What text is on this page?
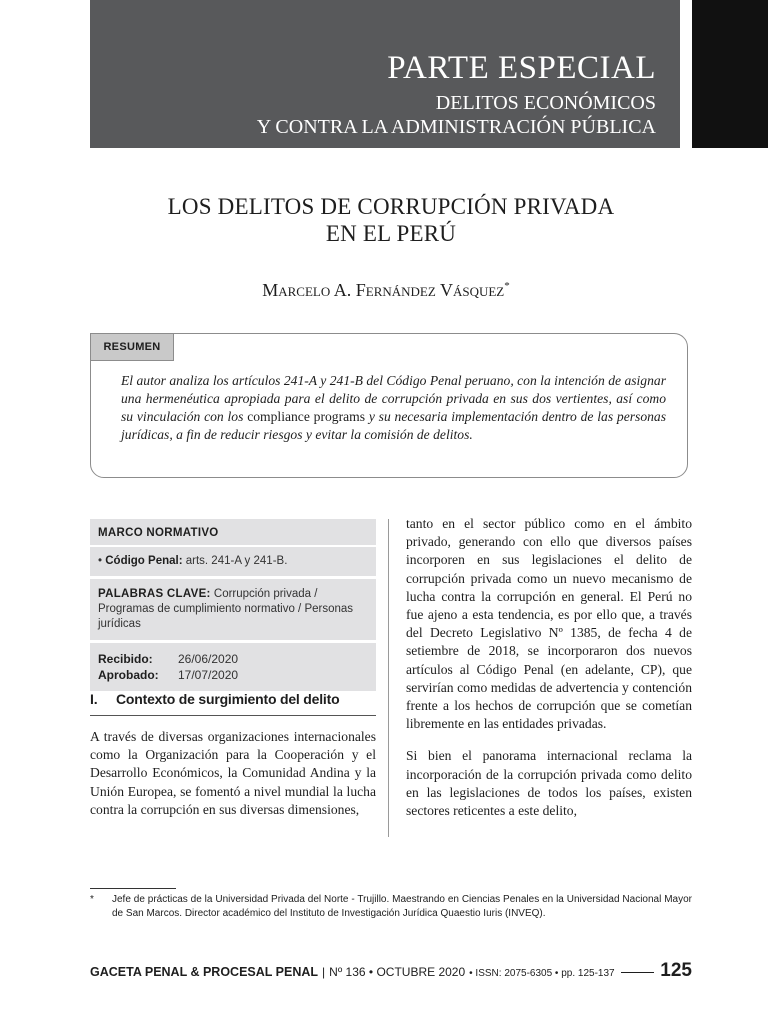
PARTE ESPECIAL
DELITOS ECONÓMICOS
Y CONTRA LA ADMINISTRACIÓN PÚBLICA
LOS DELITOS DE CORRUPCIÓN PRIVADA
EN EL PERÚ
Marcelo A. Fernández Vásquez*
RESUMEN
El autor analiza los artículos 241-A y 241-B del Código Penal peruano, con la intención de asignar una hermenéutica apropiada para el delito de corrupción privada en sus dos vertientes, así como su vinculación con los compliance programs y su necesaria implementación dentro de las personas jurídicas, a fin de reducir riesgos y evitar la comisión de delitos.
MARCO NORMATIVO
• Código Penal: arts. 241-A y 241-B.
PALABRAS CLAVE: Corrupción privada / Programas de cumplimiento normativo / Personas jurídicas
Recibido:	26/06/2020
Aprobado:	17/07/2020
I. Contexto de surgimiento del delito

A través de diversas organizaciones internacionales como la Organización para la Cooperación y el Desarrollo Económicos, la Comunidad Andina y la Unión Europea, se fomentó a nivel mundial la lucha contra la corrupción en sus diversas dimensiones,

tanto en el sector público como en el ámbito privado, generando con ello que diversos países incorporen en sus legislaciones el delito de corrupción privada como un nuevo mecanismo de lucha contra la corrupción en general. El Perú no fue ajeno a esta tendencia, es por ello que, a través del Decreto Legislativo Nº 1385, de fecha 4 de setiembre de 2018, se incorporaron dos nuevos artículos al Código Penal (en adelante, CP), que servirían como medidas de advertencia y contención frente a los hechos de corrupción que se cometían libremente en las entidades privadas.

Si bien el panorama internacional reclama la incorporación de la corrupción privada como delito en las legislaciones de todos los países, existen sectores reticentes a este delito,

*	Jefe de prácticas de la Universidad Privada del Norte - Trujillo. Maestrando en Ciencias Penales en la Universidad Nacional Mayor de San Marcos. Director académico del Instituto de Investigación Jurídica Quaestio Iuris (INVEQ).
GACETA PENAL & PROCESAL PENAL | Nº 136 • OCTUBRE 2020 • ISSN: 2075-6305 • pp. 125-137 125
